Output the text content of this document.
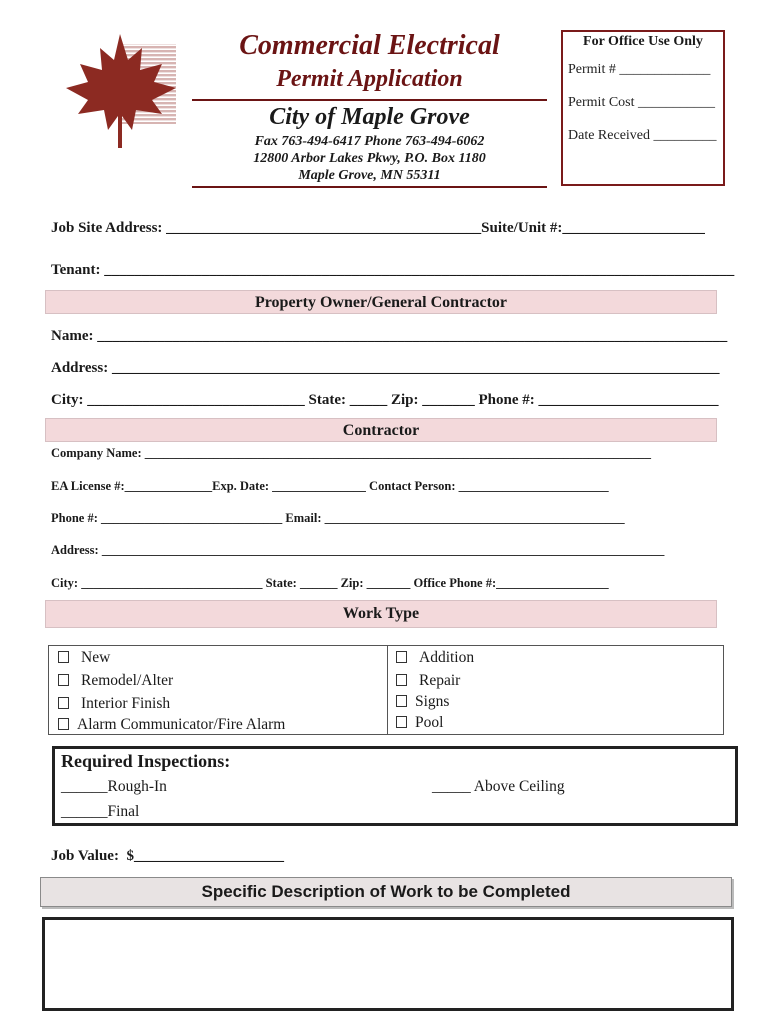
Commercial Electrical
Permit Application
City of Maple Grove
Fax 763-494-6417 Phone 763-494-6062
12800 Arbor Lakes Pkwy, P.O. Box 1180
Maple Grove, MN 55311
For Office Use Only
Permit # _____________
Permit Cost ___________
Date Received _________
Job Site Address: __________________________________________Suite/Unit #:___________________
Tenant: ____________________________________________________________________________________
Property Owner/General Contractor
Name: ____________________________________________________________________________________
Address: _________________________________________________________________________________
City: _____________________________ State: _____ Zip: _______ Phone #: ________________________
Contractor
Company Name: _________________________________________________________________________________
EA License #:______________Exp. Date: _______________ Contact Person: ________________________
Phone #: _____________________________ Email: ________________________________________________
Address: __________________________________________________________________________________________
City: _____________________________ State: ______ Zip: _______ Office Phone #:__________________
Work Type
New
Remodel/Alter
Interior Finish
Alarm Communicator/Fire Alarm
Addition
Repair
Signs
Pool
Required Inspections:
______Rough-In
______Final
_____ Above Ceiling
Job Value:  $____________________
Specific Description of Work to be Completed
